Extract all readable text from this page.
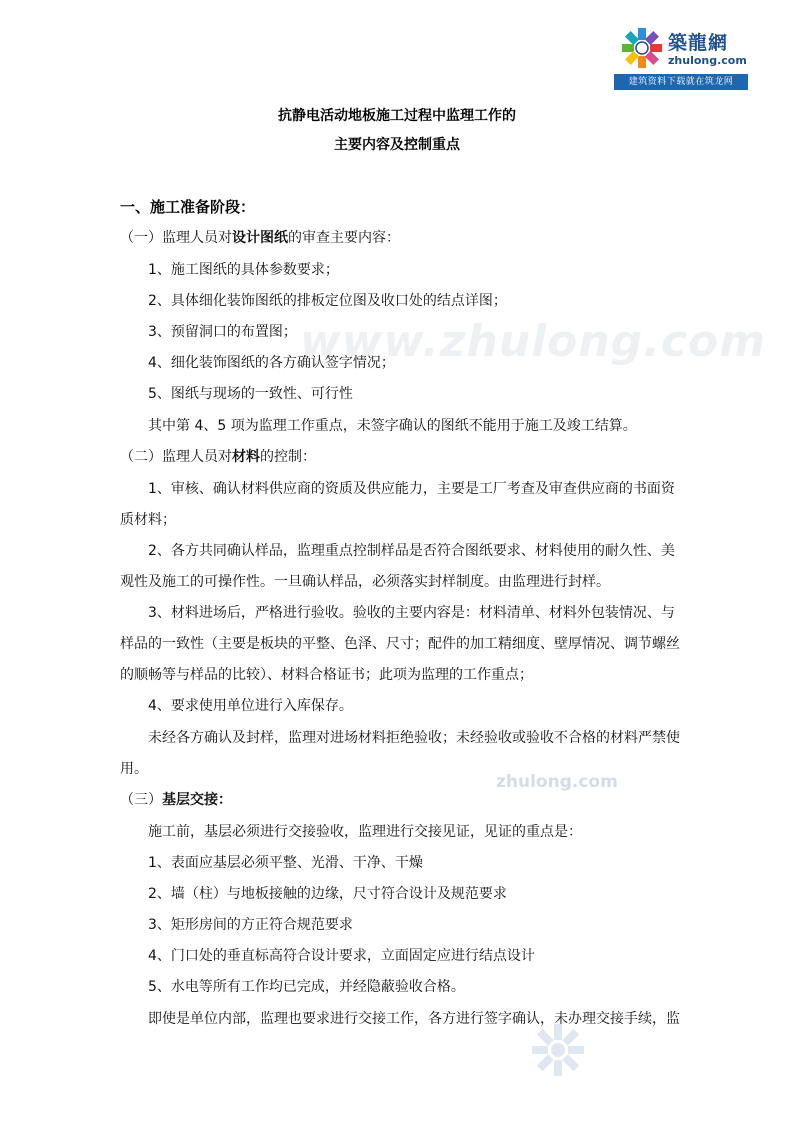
築龍網
zhulong.com
建筑资料下载就在筑龙网
www.zhulong.com
zhulong.com
抗静电活动地板施工过程中监理工作的
主要内容及控制重点
一、施工准备阶段：
（一）监理人员对设计图纸的审查主要内容：
1、施工图纸的具体参数要求；
2、具体细化装饰图纸的排板定位图及收口处的结点详图；
3、预留洞口的布置图；
4、细化装饰图纸的各方确认签字情况；
5、图纸与现场的一致性、可行性
其中第 4、5 项为监理工作重点，未签字确认的图纸不能用于施工及竣工结算。
（二）监理人员对材料的控制：
1、审核、确认材料供应商的资质及供应能力，主要是工厂考查及审查供应商的书面资
质材料；
2、各方共同确认样品，监理重点控制样品是否符合图纸要求、材料使用的耐久性、美
观性及施工的可操作性。一旦确认样品，必须落实封样制度。由监理进行封样。
3、材料进场后，严格进行验收。验收的主要内容是：材料清单、材料外包装情况、与
样品的一致性（主要是板块的平整、色泽、尺寸；配件的加工精细度、壁厚情况、调节螺丝
的顺畅等与样品的比较）、材料合格证书；此项为监理的工作重点；
4、要求使用单位进行入库保存。
未经各方确认及封样，监理对进场材料拒绝验收；未经验收或验收不合格的材料严禁使
用。
（三）基层交接：
施工前，基层必须进行交接验收，监理进行交接见证，见证的重点是：
1、表面应基层必须平整、光滑、干净、干燥
2、墙（柱）与地板接触的边缘，尺寸符合设计及规范要求
3、矩形房间的方正符合规范要求
4、门口处的垂直标高符合设计要求，立面固定应进行结点设计
5、水电等所有工作均已完成，并经隐蔽验收合格。
即使是单位内部，监理也要求进行交接工作，各方进行签字确认，未办理交接手续，监
